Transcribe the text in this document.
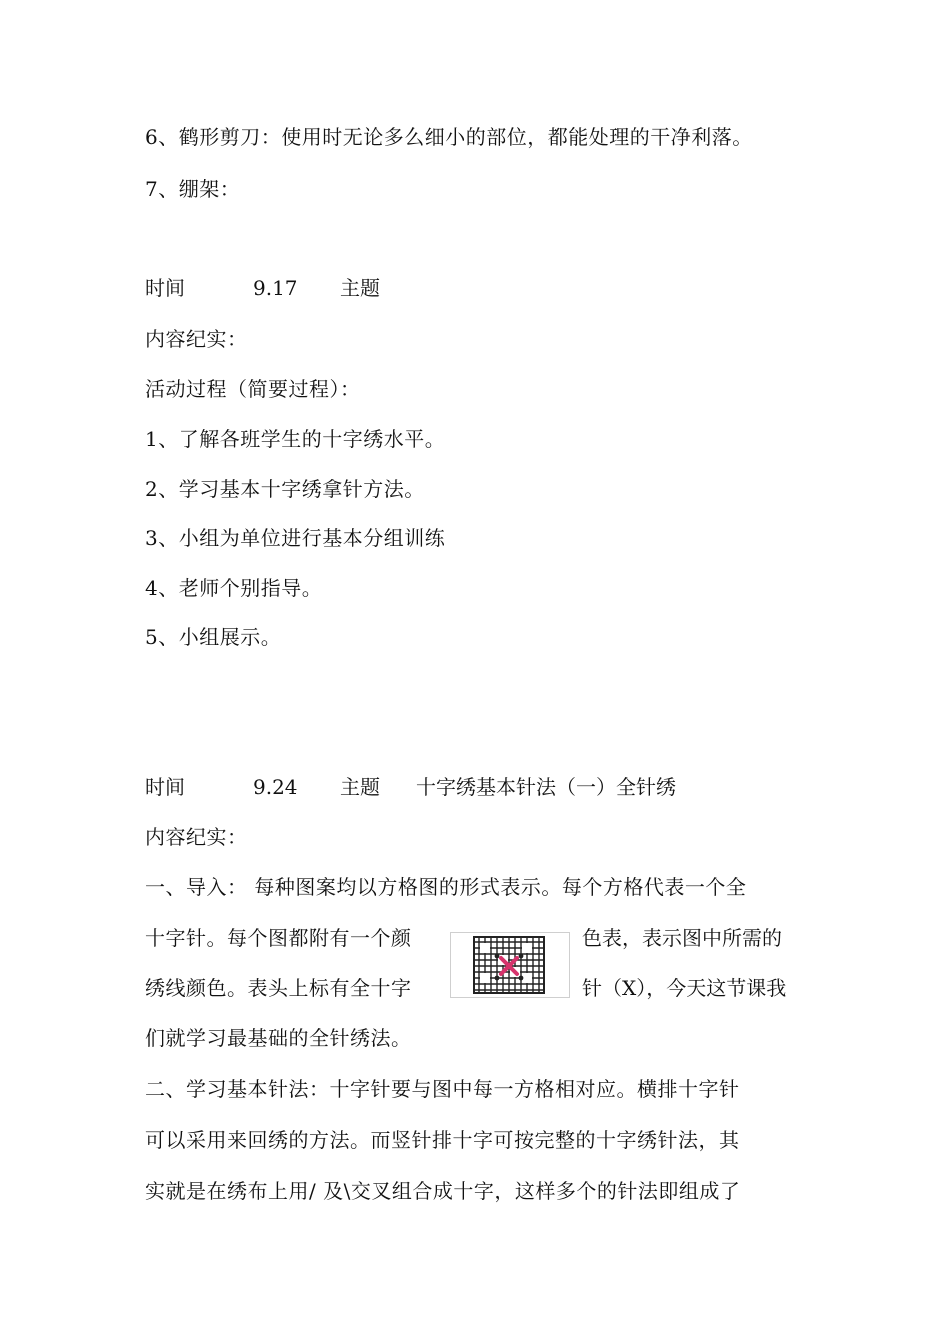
6、鹤形剪刀：使用时无论多么细小的部位，都能处理的干净利落。
7、绷架：
时间	9.17 主题
内容纪实：
活动过程（简要过程）：
1、了解各班学生的十字绣水平。
2、学习基本十字绣拿针方法。
3、小组为单位进行基本分组训练
4、老师个别指导。
5、小组展示。
时间	9.24 主题 十字绣基本针法（一）全针绣
内容纪实：
一、导入： 每种图案均以方格图的形式表示。每个方格代表一个全
十字针。每个图都附有一个颜	色表，表示图中所需的
绣线颜色。表头上标有全十字	针（X），今天这节课我
们就学习最基础的全针绣法。
二、学习基本针法：十字针要与图中每一方格相对应。横排十字针
可以采用来回绣的方法。而竖针排十字可按完整的十字绣针法，其
实就是在绣布上用/ 及\交叉组合成十字，这样多个的针法即组成了
